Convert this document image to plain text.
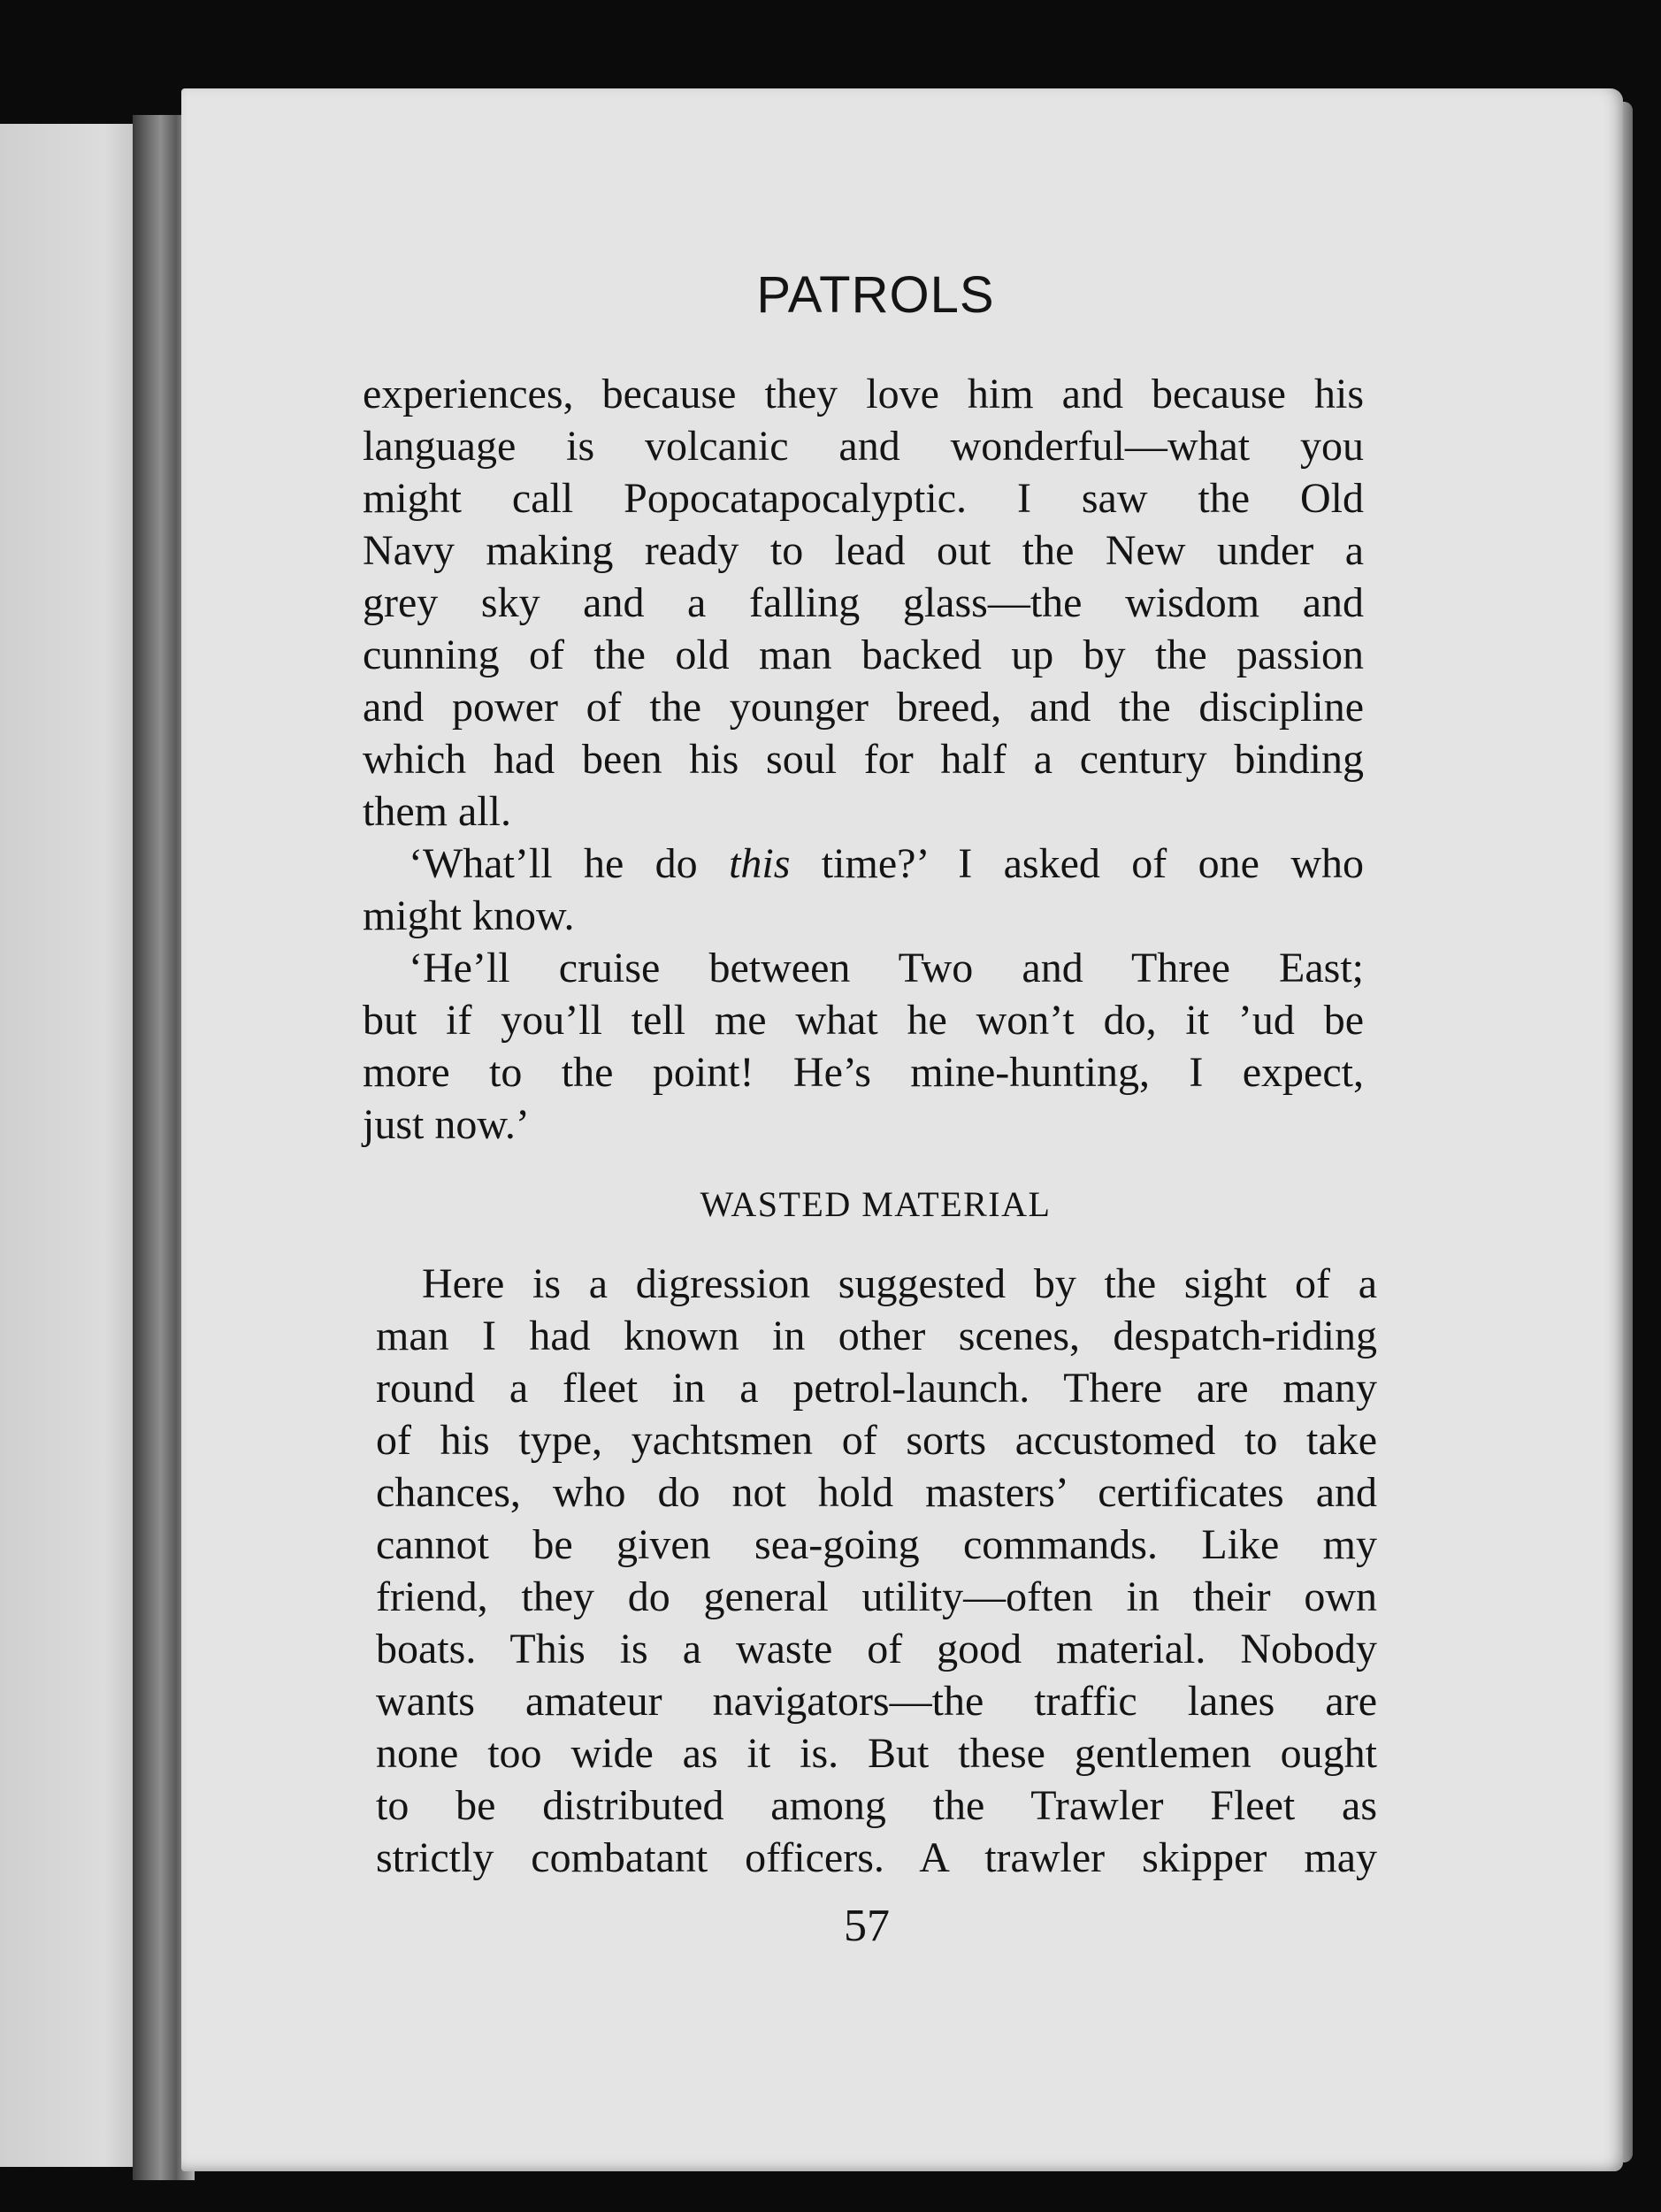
PATROLS
experiences, because they love him and because his
language is volcanic and wonderful—what you
might call Popocatapocalyptic. I saw the Old
Navy making ready to lead out the New under a
grey sky and a falling glass—the wisdom and
cunning of the old man backed up by the passion
and power of the younger breed, and the discipline
which had been his soul for half a century binding
them all.
‘What’ll he do this time?’ I asked of one who
might know.
‘He’ll cruise between Two and Three East;
but if you’ll tell me what he won’t do, it ’ud be
more to the point! He’s mine-hunting, I expect,
just now.’
WASTED MATERIAL
Here is a digression suggested by the sight of a
man I had known in other scenes, despatch-riding
round a fleet in a petrol-launch. There are many
of his type, yachtsmen of sorts accustomed to take
chances, who do not hold masters’ certificates and
cannot be given sea-going commands. Like my
friend, they do general utility—often in their own
boats. This is a waste of good material. Nobody
wants amateur navigators—the traffic lanes are
none too wide as it is. But these gentlemen ought
to be distributed among the Trawler Fleet as
strictly combatant officers. A trawler skipper may
57
